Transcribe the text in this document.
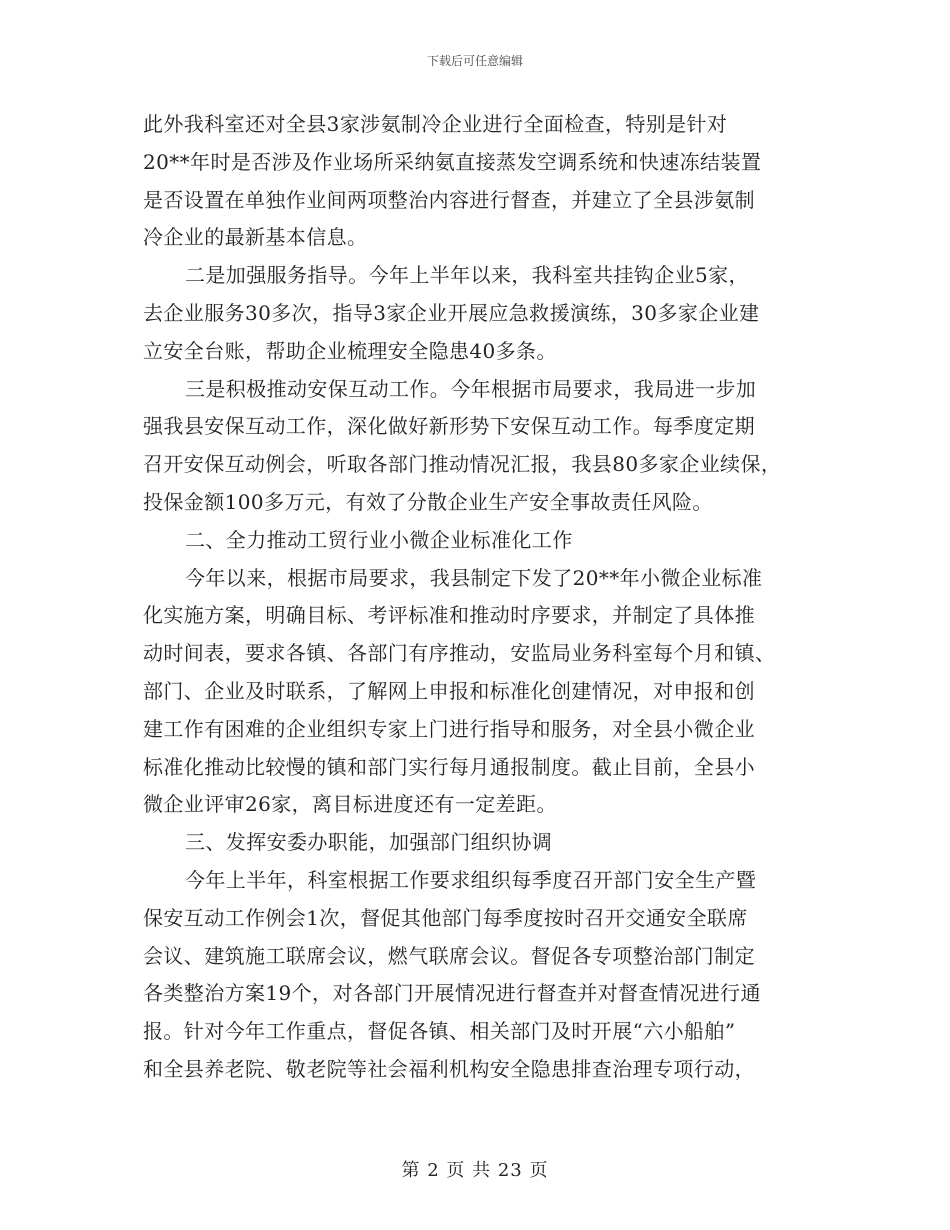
下载后可任意编辑
此外我科室还对全县3家涉氨制冷企业进行全面检查，特别是针对
20**年时是否涉及作业场所采纳氨直接蒸发空调系统和快速冻结装置
是否设置在单独作业间两项整治内容进行督查，并建立了全县涉氨制
冷企业的最新基本信息。
二是加强服务指导。今年上半年以来，我科室共挂钩企业5家，
去企业服务30多次，指导3家企业开展应急救援演练，30多家企业建
立安全台账，帮助企业梳理安全隐患40多条。
三是积极推动安保互动工作。今年根据市局要求，我局进一步加
强我县安保互动工作，深化做好新形势下安保互动工作。每季度定期
召开安保互动例会，听取各部门推动情况汇报，我县80多家企业续保，
投保金额100多万元，有效了分散企业生产安全事故责任风险。
二、全力推动工贸行业小微企业标准化工作
今年以来，根据市局要求，我县制定下发了20**年小微企业标准
化实施方案，明确目标、考评标准和推动时序要求，并制定了具体推
动时间表，要求各镇、各部门有序推动，安监局业务科室每个月和镇、
部门、企业及时联系，了解网上申报和标准化创建情况，对申报和创
建工作有困难的企业组织专家上门进行指导和服务，对全县小微企业
标准化推动比较慢的镇和部门实行每月通报制度。截止目前，全县小
微企业评审26家，离目标进度还有一定差距。
三、发挥安委办职能，加强部门组织协调
今年上半年，科室根据工作要求组织每季度召开部门安全生产暨
保安互动工作例会1次，督促其他部门每季度按时召开交通安全联席
会议、建筑施工联席会议，燃气联席会议。督促各专项整治部门制定
各类整治方案19个，对各部门开展情况进行督查并对督查情况进行通
报。针对今年工作重点，督促各镇、相关部门及时开展“六小船舶”
和全县养老院、敬老院等社会福利机构安全隐患排查治理专项行动，
第 2 页 共 23 页
